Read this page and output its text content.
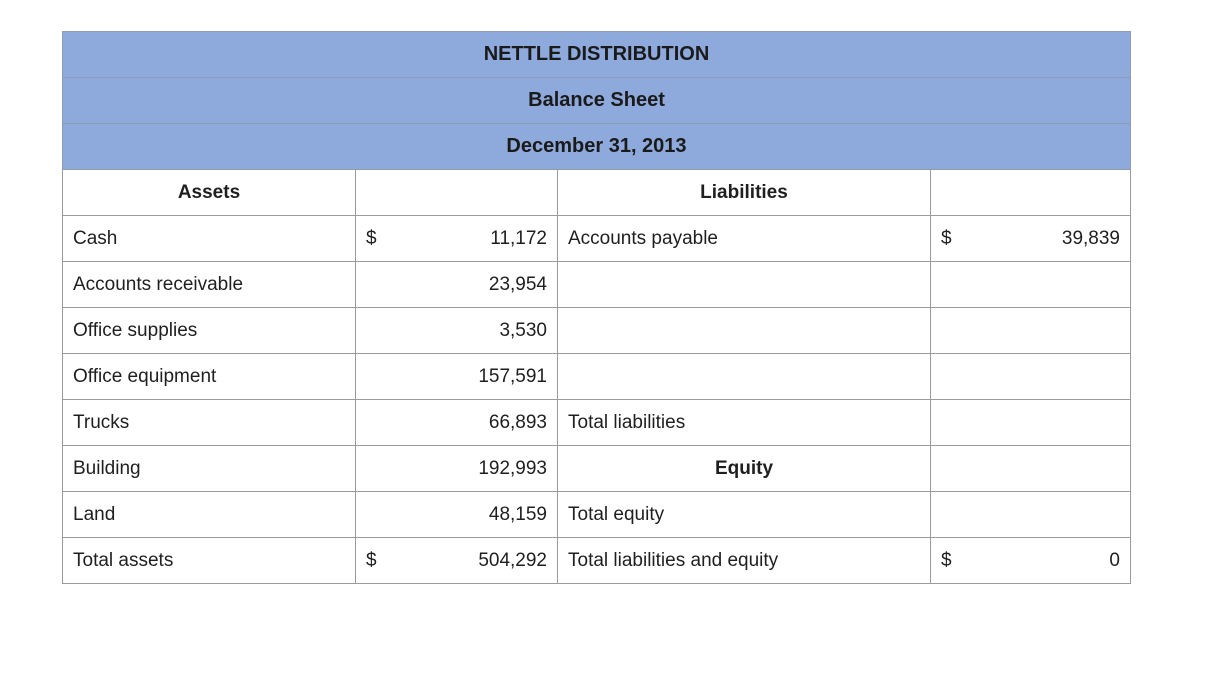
NETTLE DISTRIBUTION			
Balance Sheet			
December 31, 2013			
Assets		Liabilities	
Cash	$ 11,172	Accounts payable	$ 39,839

Accounts receivable	23,954		

Office supplies	3,530		

Office equipment	157,591		

Trucks	66,893	Total liabilities	
Building	192,993	Equity	
Land	48,159	Total equity	
Total assets	$ 504,292	Total liabilities and equity	$ 0
